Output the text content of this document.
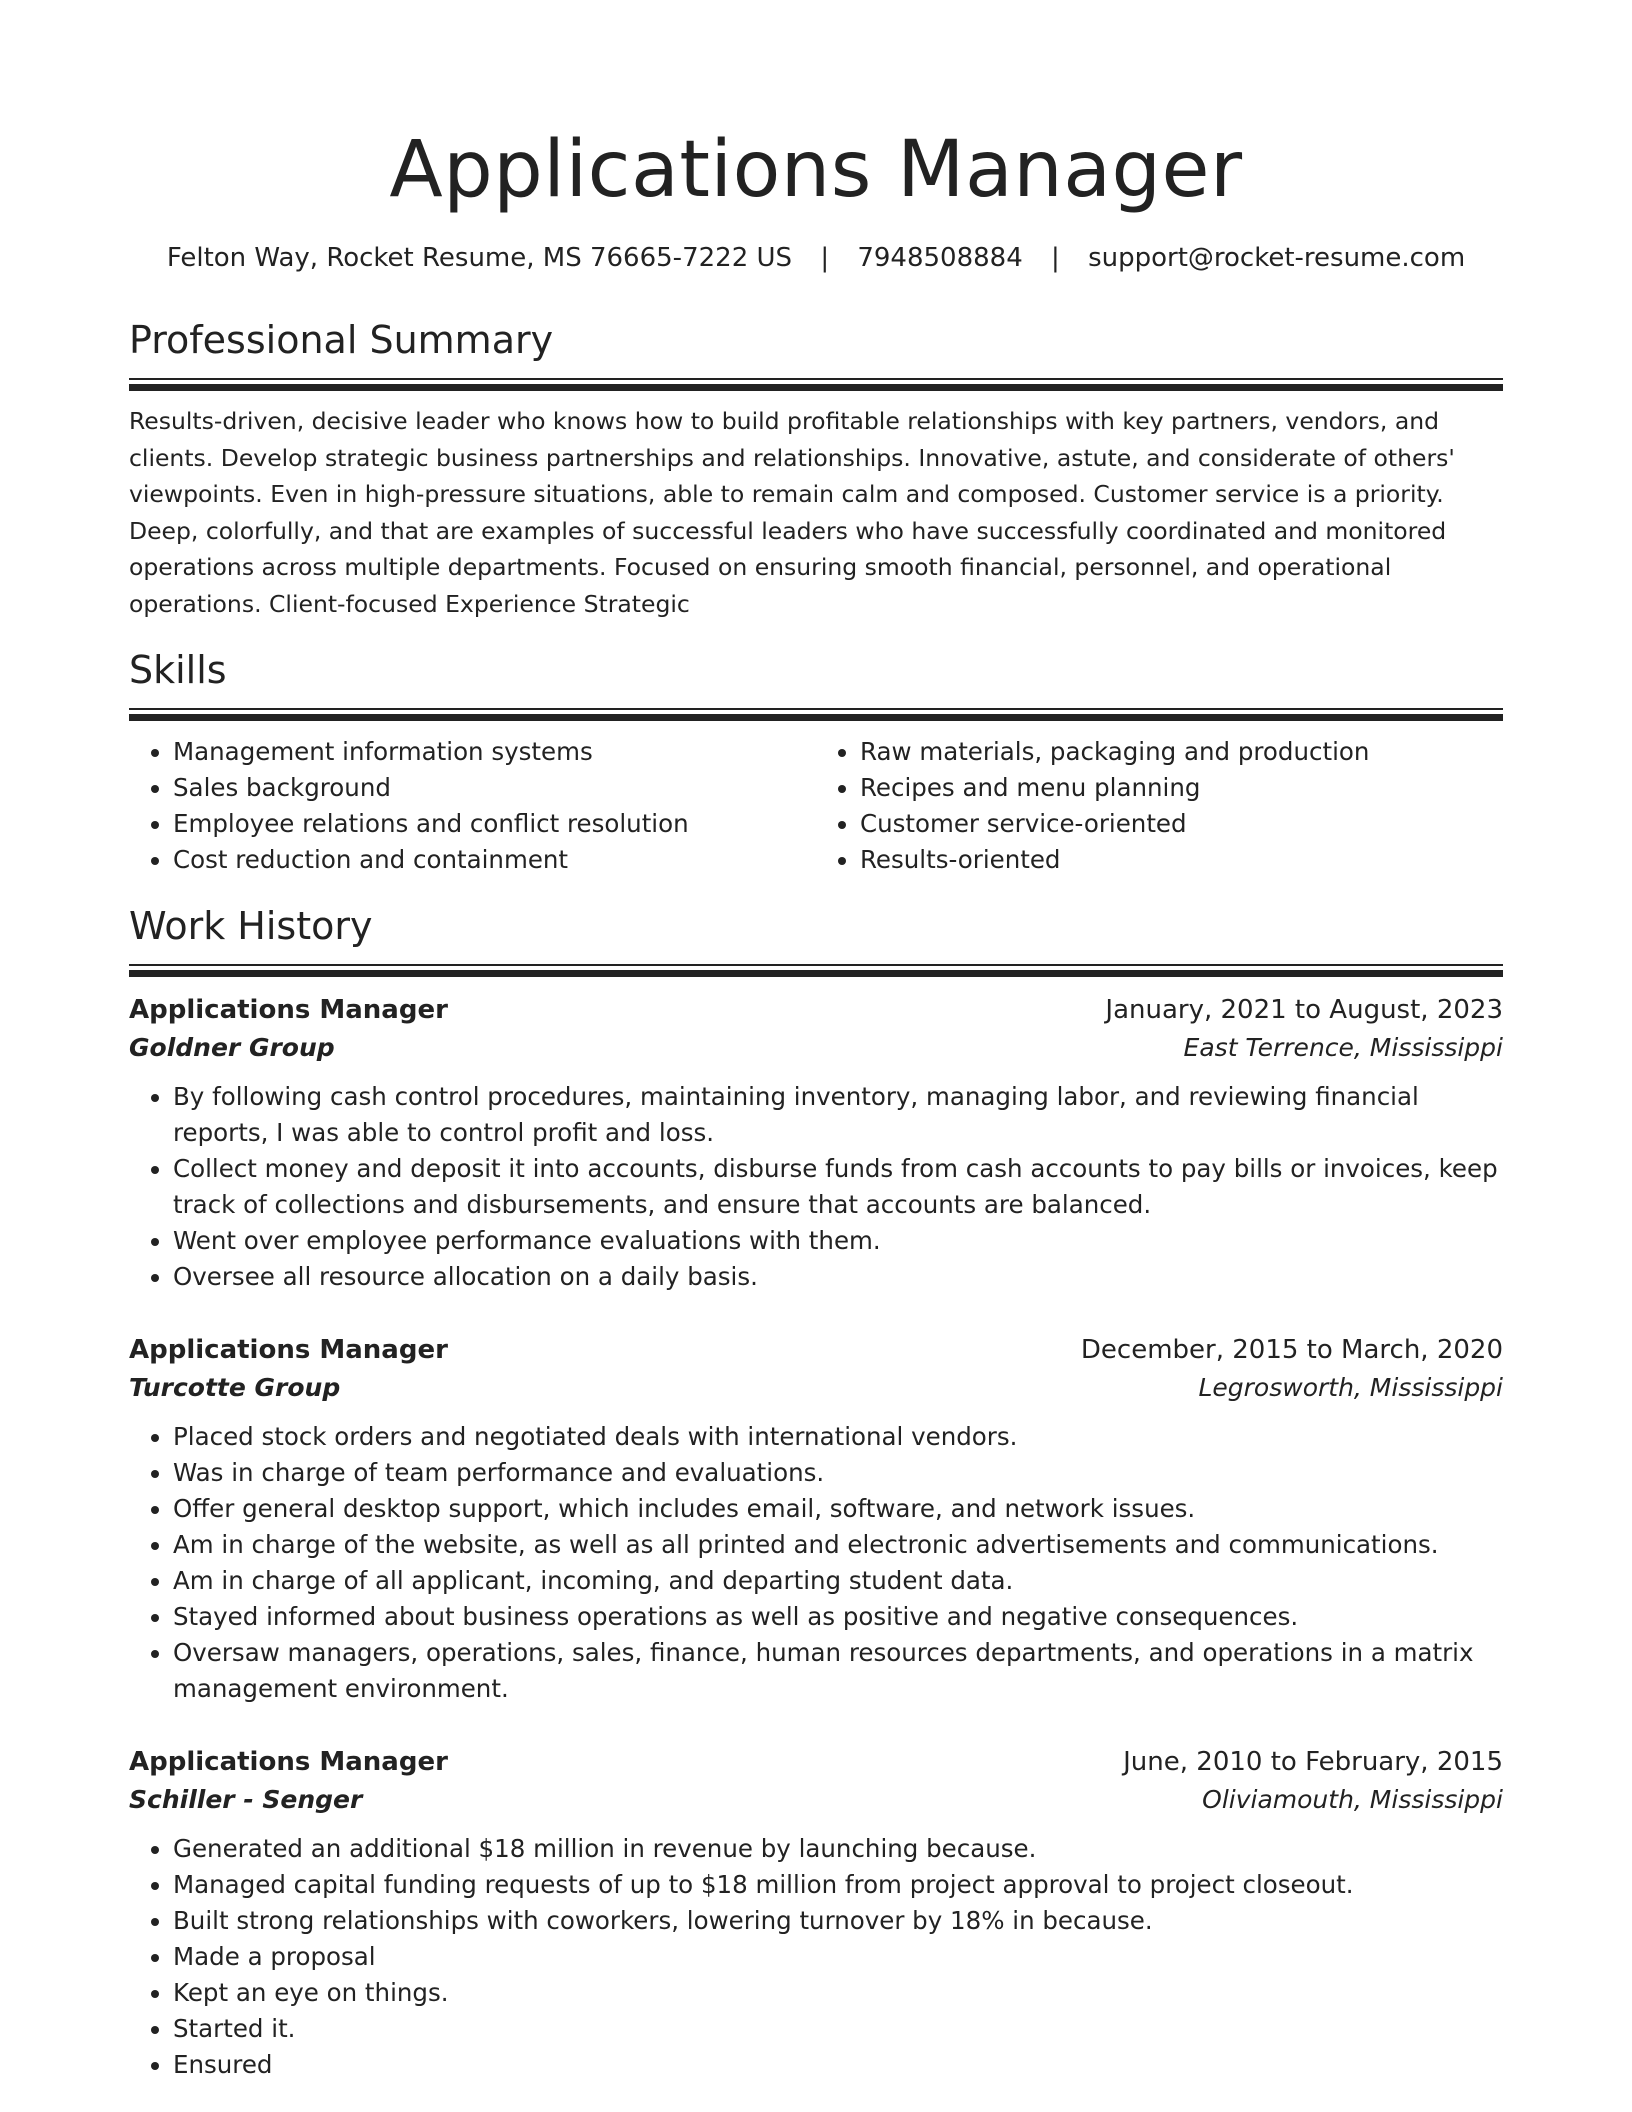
Applications Manager
Felton Way, Rocket Resume, MS 76665-7222 US | 7948508884 | support@rocket-resume.com
Professional Summary
Results-driven, decisive leader who knows how to build profitable relationships with key partners, vendors, and clients. Develop strategic business partnerships and relationships. Innovative, astute, and considerate of others' viewpoints. Even in high-pressure situations, able to remain calm and composed. Customer service is a priority. Deep, colorfully, and that are examples of successful leaders who have successfully coordinated and monitored operations across multiple departments. Focused on ensuring smooth financial, personnel, and operational operations. Client-focused Experience Strategic
Skills
• Management information systems
• Sales background
• Employee relations and conflict resolution
• Cost reduction and containment
• Raw materials, packaging and production
• Recipes and menu planning
• Customer service-oriented
• Results-oriented
Work History
Applications Manager	January, 2021 to August, 2023
Goldner Group	East Terrence, Mississippi
• By following cash control procedures, maintaining inventory, managing labor, and reviewing financial reports, I was able to control profit and loss.
• Collect money and deposit it into accounts, disburse funds from cash accounts to pay bills or invoices, keep track of collections and disbursements, and ensure that accounts are balanced.
• Went over employee performance evaluations with them.
• Oversee all resource allocation on a daily basis.
Applications Manager	December, 2015 to March, 2020
Turcotte Group	Legrosworth, Mississippi
• Placed stock orders and negotiated deals with international vendors.
• Was in charge of team performance and evaluations.
• Offer general desktop support, which includes email, software, and network issues.
• Am in charge of the website, as well as all printed and electronic advertisements and communications.
• Am in charge of all applicant, incoming, and departing student data.
• Stayed informed about business operations as well as positive and negative consequences.
• Oversaw managers, operations, sales, finance, human resources departments, and operations in a matrix management environment.
Applications Manager	June, 2010 to February, 2015
Schiller - Senger	Oliviamouth, Mississippi
• Generated an additional $18 million in revenue by launching because.
• Managed capital funding requests of up to $18 million from project approval to project closeout.
• Built strong relationships with coworkers, lowering turnover by 18% in because.
• Made a proposal
• Kept an eye on things.
• Started it.
• Ensured
